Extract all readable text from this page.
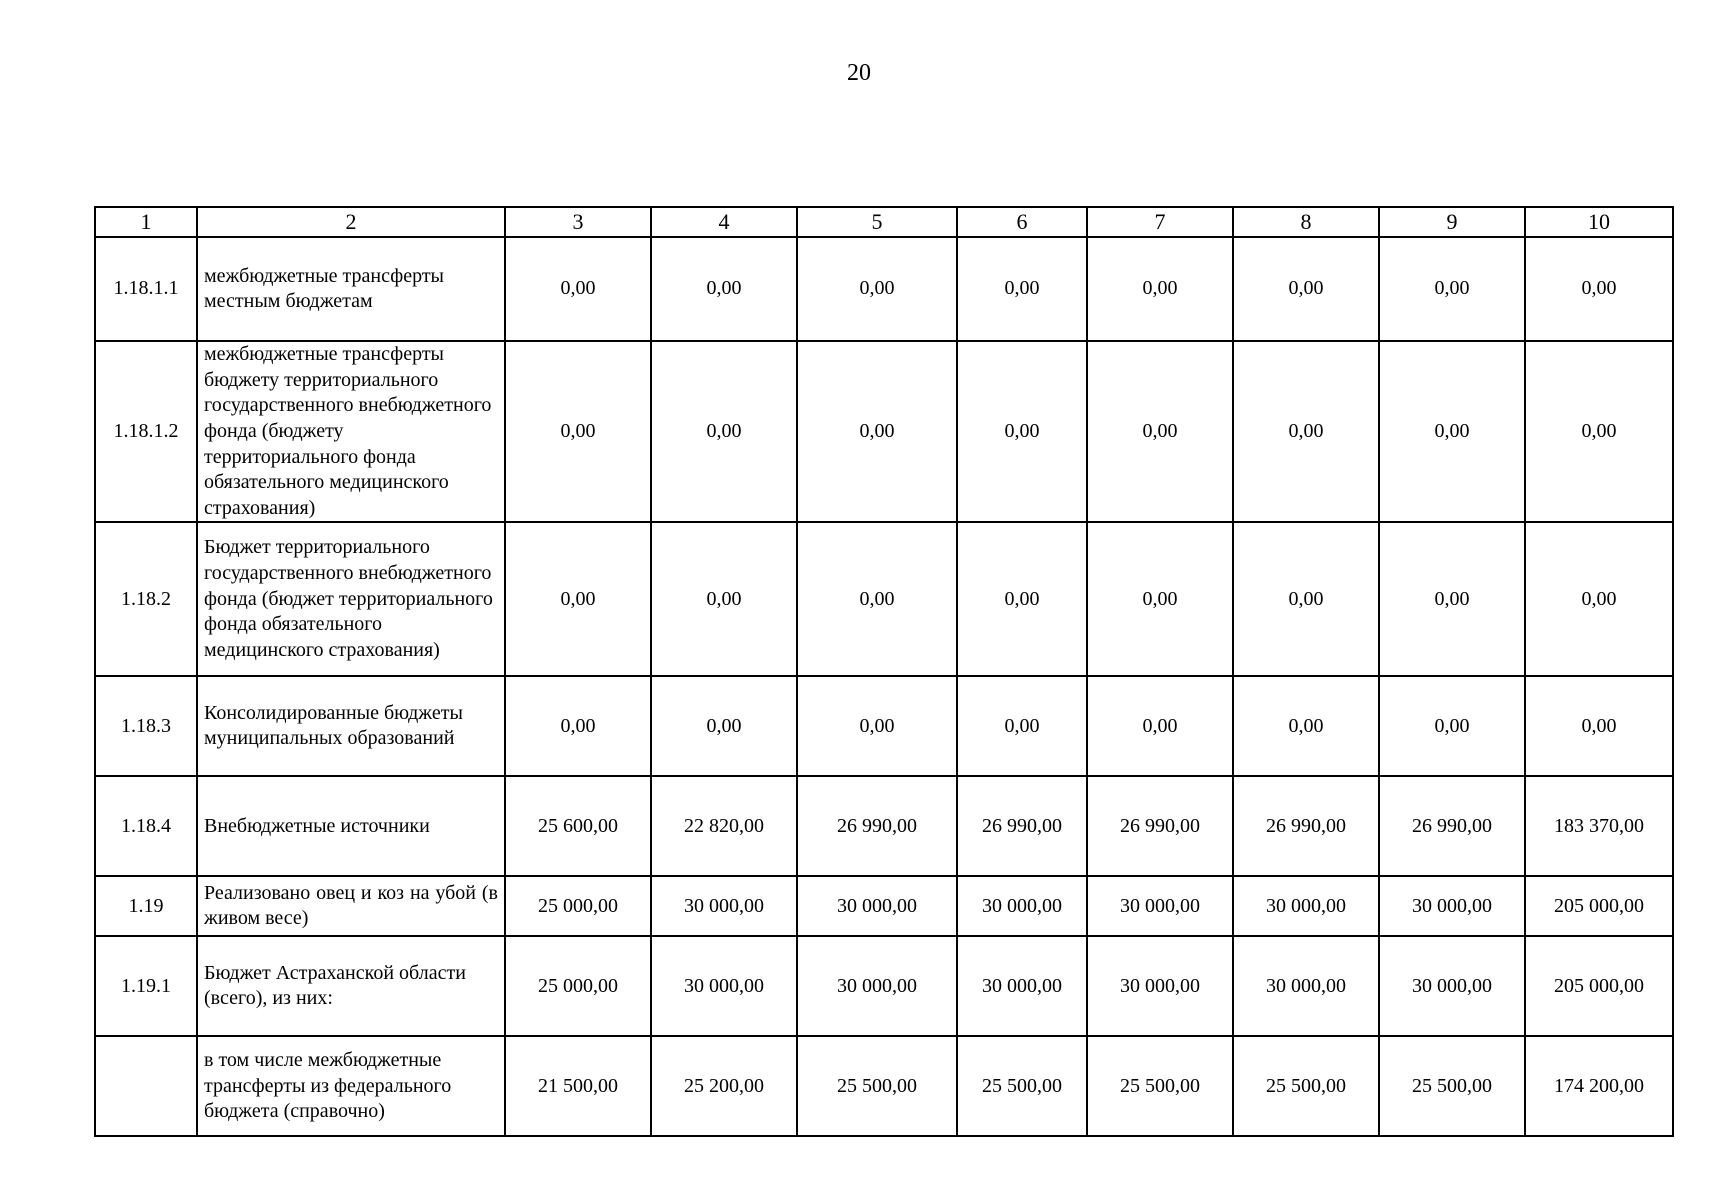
20
1	2	3	4	5	6	7	8	9	10
1.18.1.1	межбюджетные трансферты местным бюджетам	0,00	0,00	0,00	0,00	0,00	0,00	0,00	0,00
1.18.1.2	межбюджетные трансферты бюджету территориального государственного внебюджетного фонда (бюджету территориального фонда обязательного медицинского страхования)	0,00	0,00	0,00	0,00	0,00	0,00	0,00	0,00
1.18.2	Бюджет территориального государственного внебюджетного фонда (бюджет территориального фонда обязательного медицинского страхования)	0,00	0,00	0,00	0,00	0,00	0,00	0,00	0,00
1.18.3	Консолидированные бюджеты муниципальных образований	0,00	0,00	0,00	0,00	0,00	0,00	0,00	0,00
1.18.4	Внебюджетные источники	25 600,00	22 820,00	26 990,00	26 990,00	26 990,00	26 990,00	26 990,00	183 370,00
1.19	Реализовано овец и коз на убой (в живом весе)	25 000,00	30 000,00	30 000,00	30 000,00	30 000,00	30 000,00	30 000,00	205 000,00
1.19.1	Бюджет Астраханской области (всего), из них:	25 000,00	30 000,00	30 000,00	30 000,00	30 000,00	30 000,00	30 000,00	205 000,00
	в том числе межбюджетные трансферты из федерального бюджета (справочно)	21 500,00	25 200,00	25 500,00	25 500,00	25 500,00	25 500,00	25 500,00	174 200,00
